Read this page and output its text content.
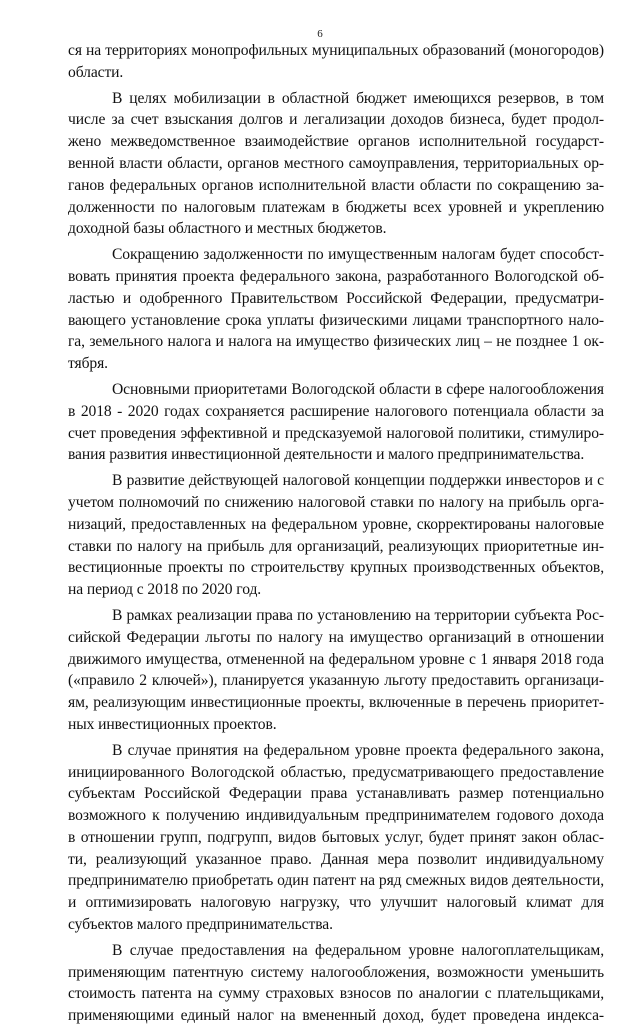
6
ся на территориях монопрофильных муниципальных образований (моногородов)
области.
В целях мобилизации в областной бюджет имеющихся резервов, в том
числе за счет взыскания долгов и легализации доходов бизнеса, будет продол-
жено межведомственное взаимодействие органов исполнительной государст-
венной власти области, органов местного самоуправления, территориальных ор-
ганов федеральных органов исполнительной власти области по сокращению за-
долженности по налоговым платежам в бюджеты всех уровней и укреплению
доходной базы областного и местных бюджетов.
Сокращению задолженности по имущественным налогам будет способст-
вовать принятия проекта федерального закона, разработанного Вологодской об-
ластью и одобренного Правительством Российской Федерации, предусматри-
вающего установление срока уплаты физическими лицами транспортного нало-
га, земельного налога и налога на имущество физических лиц – не позднее 1 ок-
тября.
Основными приоритетами Вологодской области в сфере налогообложения
в 2018 - 2020 годах сохраняется расширение налогового потенциала области за
счет проведения эффективной и предсказуемой налоговой политики, стимулиро-
вания развития инвестиционной деятельности и малого предпринимательства.
В развитие действующей налоговой концепции поддержки инвесторов и с
учетом полномочий по снижению налоговой ставки по налогу на прибыль орга-
низаций, предоставленных на федеральном уровне, скорректированы налоговые
ставки по налогу на прибыль для организаций, реализующих приоритетные ин-
вестиционные проекты по строительству крупных производственных объектов,
на период с 2018 по 2020 год.
В рамках реализации права по установлению на территории субъекта Рос-
сийской Федерации льготы по налогу на имущество организаций в отношении
движимого имущества, отмененной на федеральном уровне с 1 января 2018 года
(«правило 2 ключей»), планируется указанную льготу предоставить организаци-
ям, реализующим инвестиционные проекты, включенные в перечень приоритет-
ных инвестиционных проектов.
В случае принятия на федеральном уровне проекта федерального закона,
инициированного Вологодской областью, предусматривающего предоставление
субъектам Российской Федерации права устанавливать размер потенциально
возможного к получению индивидуальным предпринимателем годового дохода
в отношении групп, подгрупп, видов бытовых услуг, будет принят закон облас-
ти, реализующий указанное право. Данная мера позволит индивидуальному
предпринимателю приобретать один патент на ряд смежных видов деятельности,
и оптимизировать налоговую нагрузку, что улучшит налоговый климат для
субъектов малого предпринимательства.
В случае предоставления на федеральном уровне налогоплательщикам,
применяющим патентную систему налогообложения, возможности уменьшить
стоимость патента на сумму страховых взносов по аналогии с плательщиками,
применяющими единый налог на вмененный доход, будет проведена индекса-
